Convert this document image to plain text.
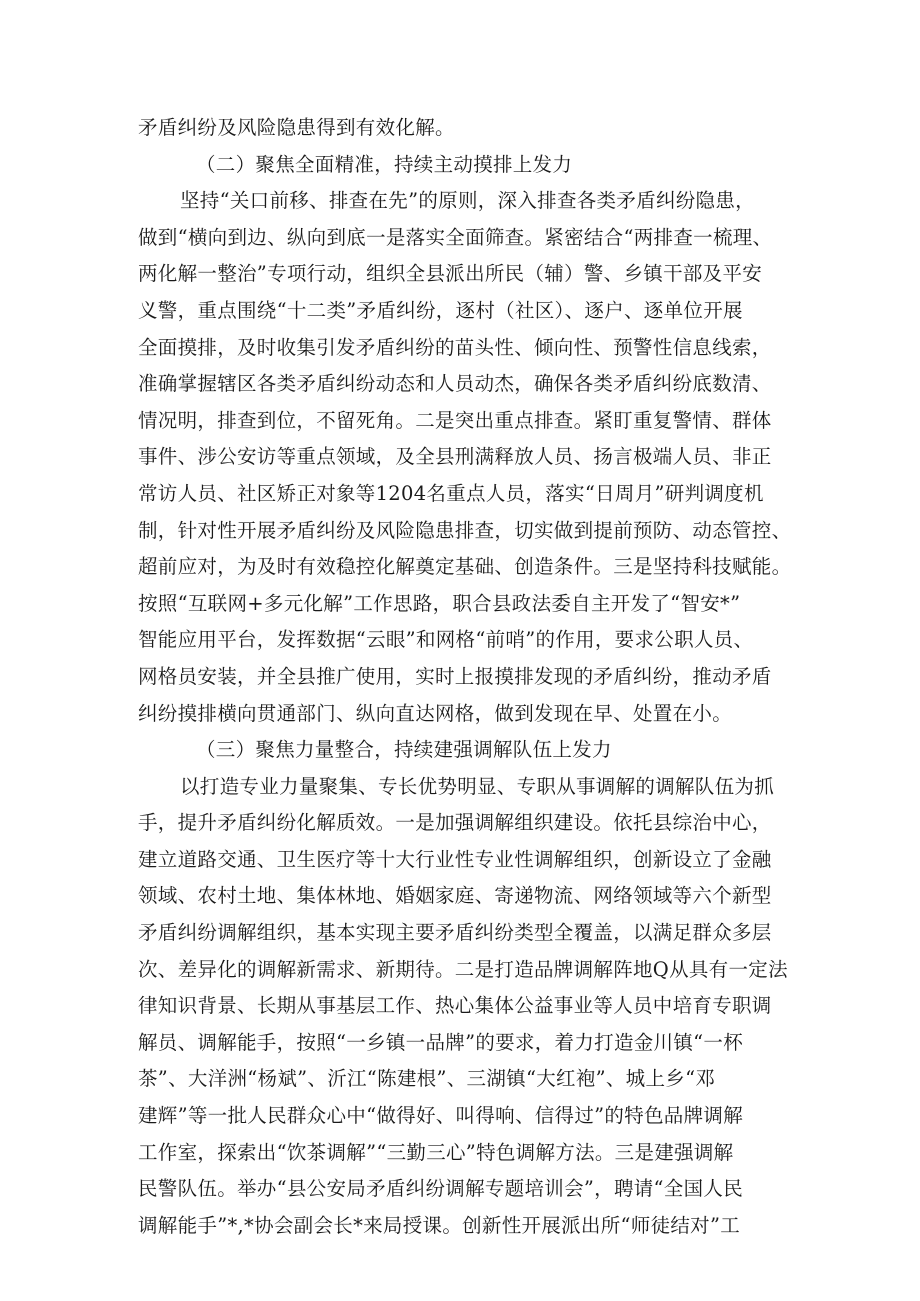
矛盾纠纷及风险隐患得到有效化解。
（二）聚焦全面精准，持续主动摸排上发力
坚持“关口前移、排查在先”的原则，深入排查各类矛盾纠纷隐患，
做到“横向到边、纵向到底一是落实全面筛查。紧密结合“两排查一梳理、
两化解一整治”专项行动，组织全县派出所民（辅）警、乡镇干部及平安
义警，重点围绕“十二类”矛盾纠纷，逐村（社区）、逐户、逐单位开展
全面摸排，及时收集引发矛盾纠纷的苗头性、倾向性、预警性信息线索，
准确掌握辖区各类矛盾纠纷动态和人员动杰，确保各类矛盾纠纷底数清、
情况明，排查到位，不留死角。二是突出重点排查。紧盯重复警情、群体
事件、涉公安访等重点领域，及全县刑满释放人员、扬言极端人员、非正
常访人员、社区矫正对象等1204名重点人员，落实“日周月”研判调度机
制，针对性开展矛盾纠纷及风险隐患排查，切实做到提前预防、动态管控、
超前应对，为及时有效稳控化解奠定基础、创造条件。三是坚持科技赋能。
按照“互联网+多元化解”工作思路，职合县政法委自主开发了“智安*”
智能应用平台，发挥数据“云眼”和网格“前哨”的作用，要求公职人员、
网格员安装，并全县推广使用，实时上报摸排发现的矛盾纠纷，推动矛盾
纠纷摸排横向贯通部门、纵向直达网格，做到发现在早、处置在小。
（三）聚焦力量整合，持续建强调解队伍上发力
以打造专业力量聚集、专长优势明显、专职从事调解的调解队伍为抓
手，提升矛盾纠纷化解质效。一是加强调解组织建设。依托县综治中心，
建立道路交通、卫生医疗等十大行业性专业性调解组织，创新设立了金融
领域、农村土地、集体林地、婚姻家庭、寄递物流、网络领域等六个新型
矛盾纠纷调解组织，基本实现主要矛盾纠纷类型全覆盖，以满足群众多层
次、差异化的调解新需求、新期待。二是打造品牌调解阵地Q从具有一定法
律知识背景、长期从事基层工作、热心集体公益事业等人员中培育专职调
解员、调解能手，按照“一乡镇一品牌”的要求，着力打造金川镇“一杯
茶”、大洋洲“杨斌”、沂江“陈建根”、三湖镇“大红袍”、城上乡“邓
建辉”等一批人民群众心中“做得好、叫得响、信得过”的特色品牌调解
工作室，探索出“饮茶调解”“三勤三心”特色调解方法。三是建强调解
民警队伍。举办“县公安局矛盾纠纷调解专题培训会”，聘请“全国人民
调解能手”*,*协会副会长*来局授课。创新性开展派出所“师徒结对”工
